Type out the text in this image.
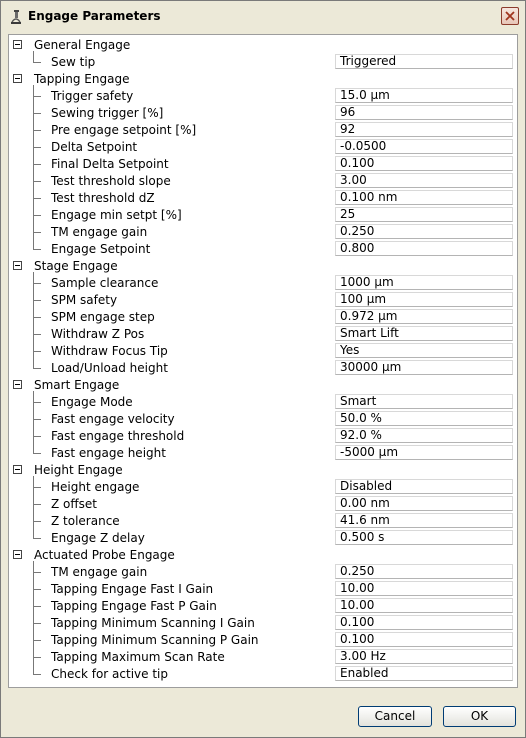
Engage Parameters
General Engage
Sew tip	Triggered
Tapping Engage
Trigger safety	15.0 µm
Sewing trigger [%]	96
Pre engage setpoint [%]	92
Delta Setpoint	-0.0500
Final Delta Setpoint	0.100
Test threshold slope	3.00
Test threshold dZ	0.100 nm
Engage min setpt [%]	25
TM engage gain	0.250
Engage Setpoint	0.800
Stage Engage
Sample clearance	1000 µm
SPM safety	100 µm
SPM engage step	0.972 µm
Withdraw Z Pos	Smart Lift
Withdraw Focus Tip	Yes
Load/Unload height	30000 µm
Smart Engage
Engage Mode	Smart
Fast engage velocity	50.0 %
Fast engage threshold	92.0 %
Fast engage height	-5000 µm
Height Engage
Height engage	Disabled
Z offset	0.00 nm
Z tolerance	41.6 nm
Engage Z delay	0.500 s
Actuated Probe Engage
TM engage gain	0.250
Tapping Engage Fast I Gain	10.00
Tapping Engage Fast P Gain	10.00
Tapping Minimum Scanning I Gain	0.100
Tapping Minimum Scanning P Gain	0.100
Tapping Maximum Scan Rate	3.00 Hz
Check for active tip	Enabled
Cancel	OK
